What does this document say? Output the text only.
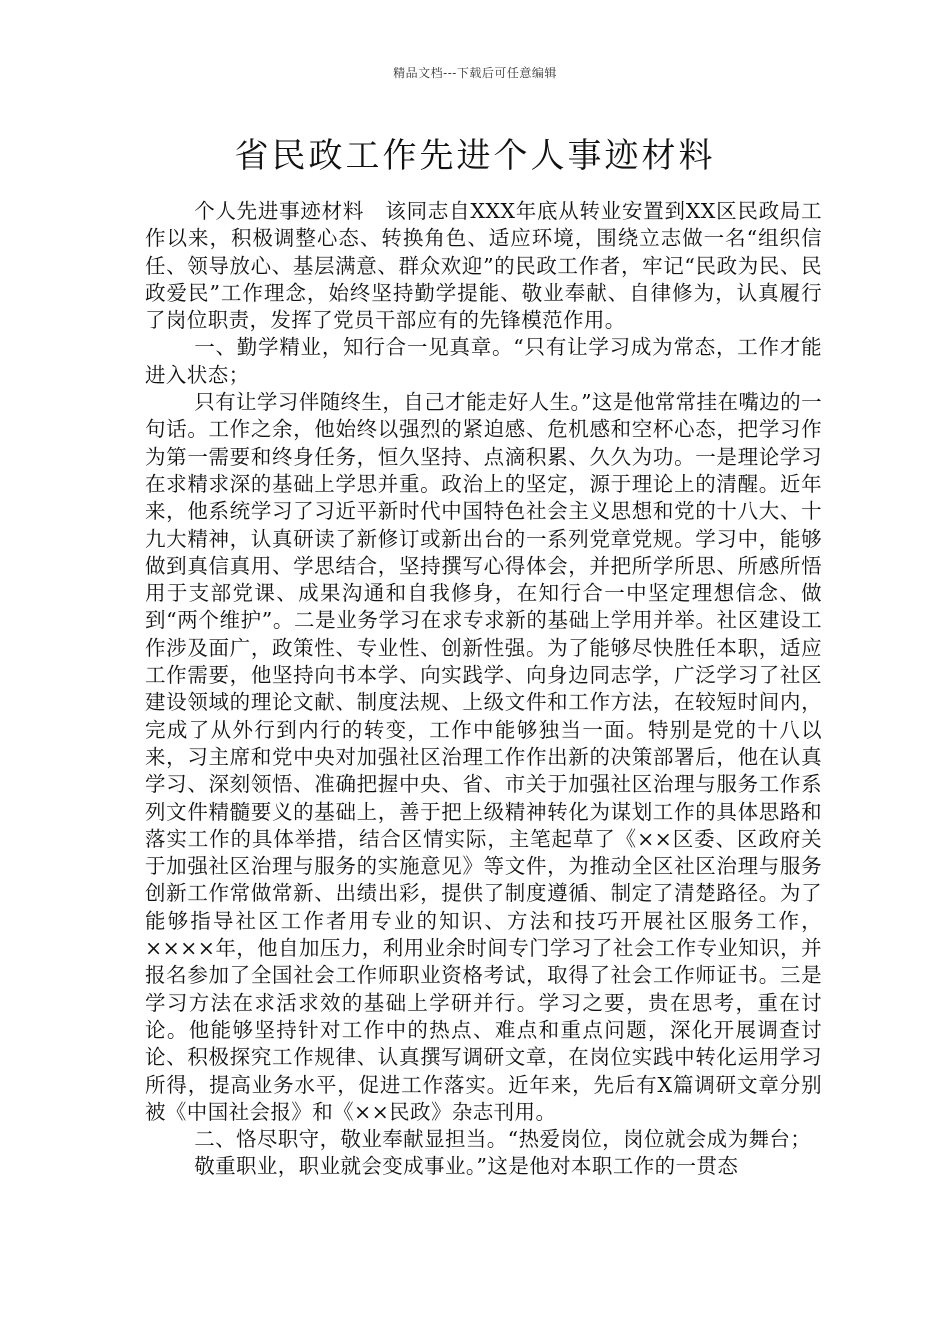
精品文档---下载后可任意编辑
省民政工作先进个人事迹材料

个人先进事迹材料　该同志自XXX年底从转业安置到XX区民政局工作以来，积极调整心态、转换角色、适应环境，围绕立志做一名“组织信任、领导放心、基层满意、群众欢迎”的民政工作者，牢记“民政为民、民政爱民”工作理念，始终坚持勤学提能、敬业奉献、自律修为，认真履行了岗位职责，发挥了党员干部应有的先锋模范作用。

一、勤学精业，知行合一见真章。“只有让学习成为常态，工作才能进入状态；

只有让学习伴随终生，自己才能走好人生。”这是他常常挂在嘴边的一句话。工作之余，他始终以强烈的紧迫感、危机感和空杯心态，把学习作为第一需要和终身任务，恒久坚持、点滴积累、久久为功。一是理论学习在求精求深的基础上学思并重。政治上的坚定，源于理论上的清醒。近年来，他系统学习了习近平新时代中国特色社会主义思想和党的十八大、十九大精神，认真研读了新修订或新出台的一系列党章党规。学习中，能够做到真信真用、学思结合，坚持撰写心得体会，并把所学所思、所感所悟用于支部党课、成果沟通和自我修身，在知行合一中坚定理想信念、做到“两个维护”。二是业务学习在求专求新的基础上学用并举。社区建设工作涉及面广，政策性、专业性、创新性强。为了能够尽快胜任本职，适应工作需要，他坚持向书本学、向实践学、向身边同志学，广泛学习了社区建设领域的理论文献、制度法规、上级文件和工作方法，在较短时间内，完成了从外行到内行的转变，工作中能够独当一面。特别是党的十八以来，习主席和党中央对加强社区治理工作作出新的决策部署后，他在认真学习、深刻领悟、准确把握中央、省、市关于加强社区治理与服务工作系列文件精髓要义的基础上，善于把上级精神转化为谋划工作的具体思路和落实工作的具体举措，结合区情实际，主笔起草了《××区委、区政府关于加强社区治理与服务的实施意见》等文件，为推动全区社区治理与服务创新工作常做常新、出绩出彩，提供了制度遵循、制定了清楚路径。为了能够指导社区工作者用专业的知识、方法和技巧开展社区服务工作，××××年，他自加压力，利用业余时间专门学习了社会工作专业知识，并报名参加了全国社会工作师职业资格考试，取得了社会工作师证书。三是学习方法在求活求效的基础上学研并行。学习之要，贵在思考，重在讨论。他能够坚持针对工作中的热点、难点和重点问题，深化开展调查讨论、积极探究工作规律、认真撰写调研文章，在岗位实践中转化运用学习所得，提高业务水平，促进工作落实。近年来，先后有X篇调研文章分别被《中国社会报》和《××民政》杂志刊用。

二、恪尽职守，敬业奉献显担当。“热爱岗位，岗位就会成为舞台；

敬重职业，职业就会变成事业。”这是他对本职工作的一贯态
